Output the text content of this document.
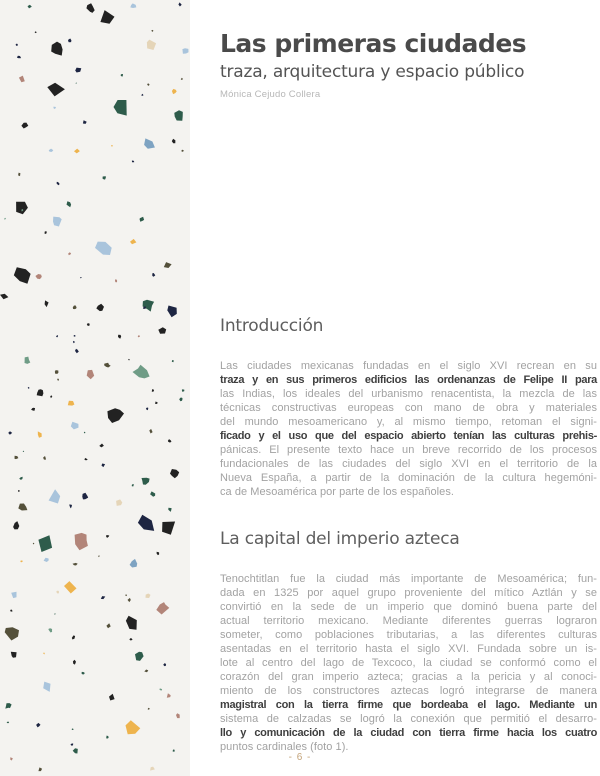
Las primeras ciudades
traza, arquitectura y espacio público
Mónica Cejudo Collera
Introducción
Las ciudades mexicanas fundadas en el siglo XVI recrean en su
traza y en sus primeros edificios las ordenanzas de Felipe II para
las Indias, los ideales del urbanismo renacentista, la mezcla de las
técnicas constructivas europeas con mano de obra y materiales
del mundo mesoamericano y, al mismo tiempo, retoman el signi-
ficado y el uso que del espacio abierto tenían las culturas prehis-
pánicas. El presente texto hace un breve recorrido de los procesos
fundacionales de las ciudades del siglo XVI en el territorio de la
Nueva España, a partir de la dominación de la cultura hegemóni-
ca de Mesoamérica por parte de los españoles.
La capital del imperio azteca
Tenochtitlan fue la ciudad más importante de Mesoamérica; fun-
dada en 1325 por aquel grupo proveniente del mítico Aztlán y se
convirtió en la sede de un imperio que dominó buena parte del
actual territorio mexicano. Mediante diferentes guerras lograron
someter, como poblaciones tributarias, a las diferentes culturas
asentadas en el territorio hasta el siglo XVI. Fundada sobre un is-
lote al centro del lago de Texcoco, la ciudad se conformó como el
corazón del gran imperio azteca; gracias a la pericia y al conoci-
miento de los constructores aztecas logró integrarse de manera
magistral con la tierra firme que bordeaba el lago. Mediante un
sistema de calzadas se logró la conexión que permitió el desarro-
llo y comunicación de la ciudad con tierra firme hacia los cuatro
puntos cardinales (foto 1).
- 6 -
